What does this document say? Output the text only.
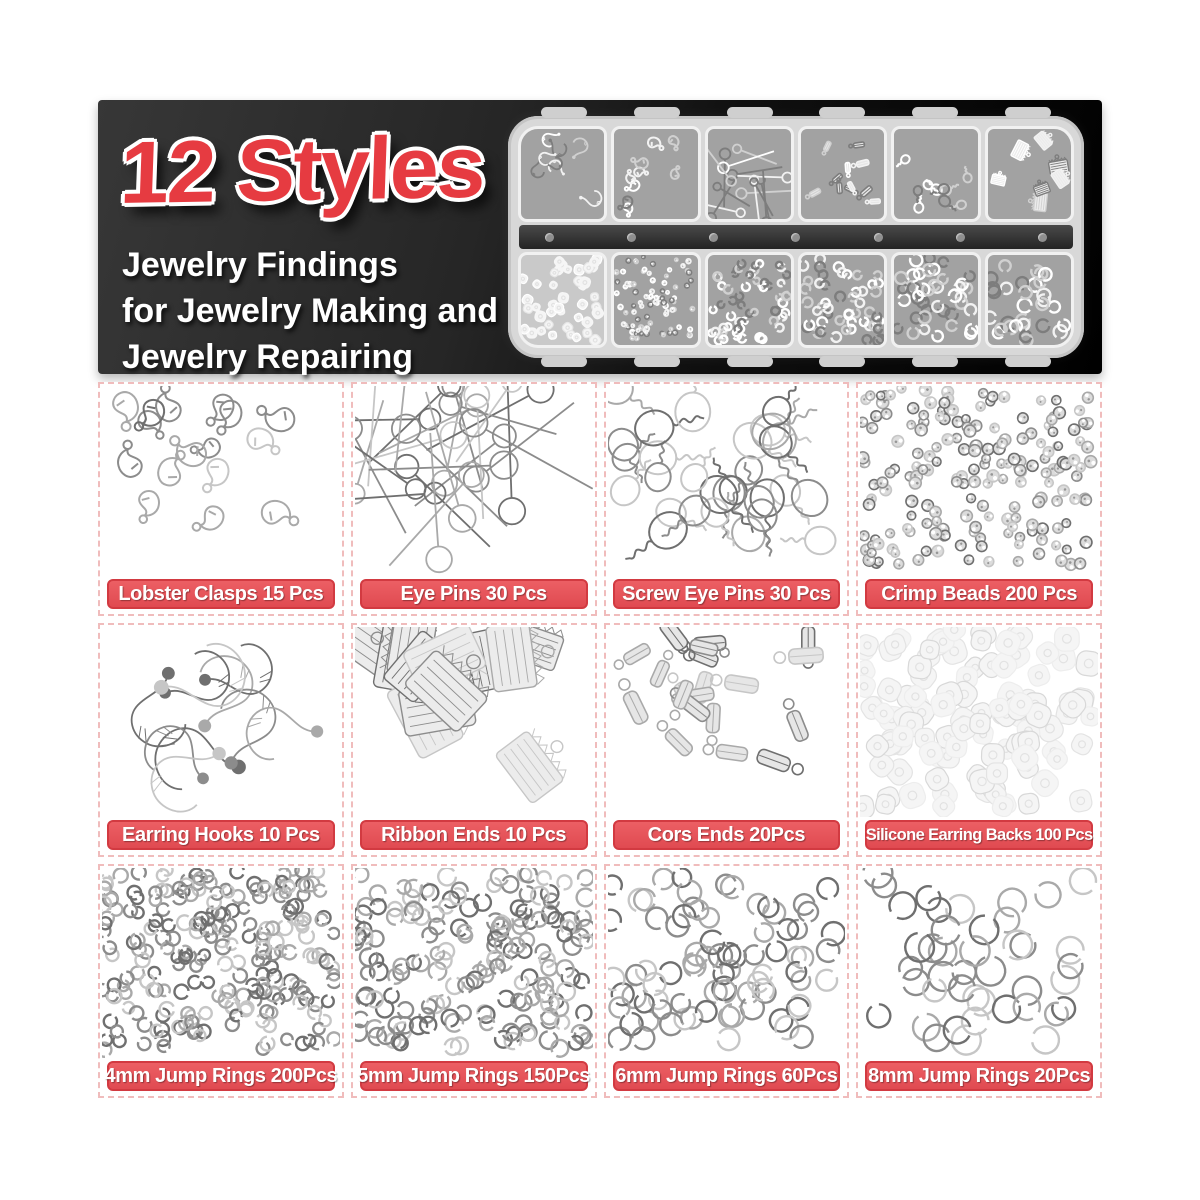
12 Styles
Jewelry Findings
for Jewelry Making and
Jewelry Repairing
Lobster Clasps 15 Pcs	Eye Pins 30 Pcs	Screw Eye Pins 30 Pcs	Crimp Beads 200 Pcs
Earring Hooks 10 Pcs	Ribbon Ends 10 Pcs	Cors Ends 20Pcs	Silicone Earring Backs 100 Pcs
4mm Jump Rings 200Pcs 5mm Jump Rings 150Pcs 6mm Jump Rings 60Pcs 8mm Jump Rings 20Pcs
